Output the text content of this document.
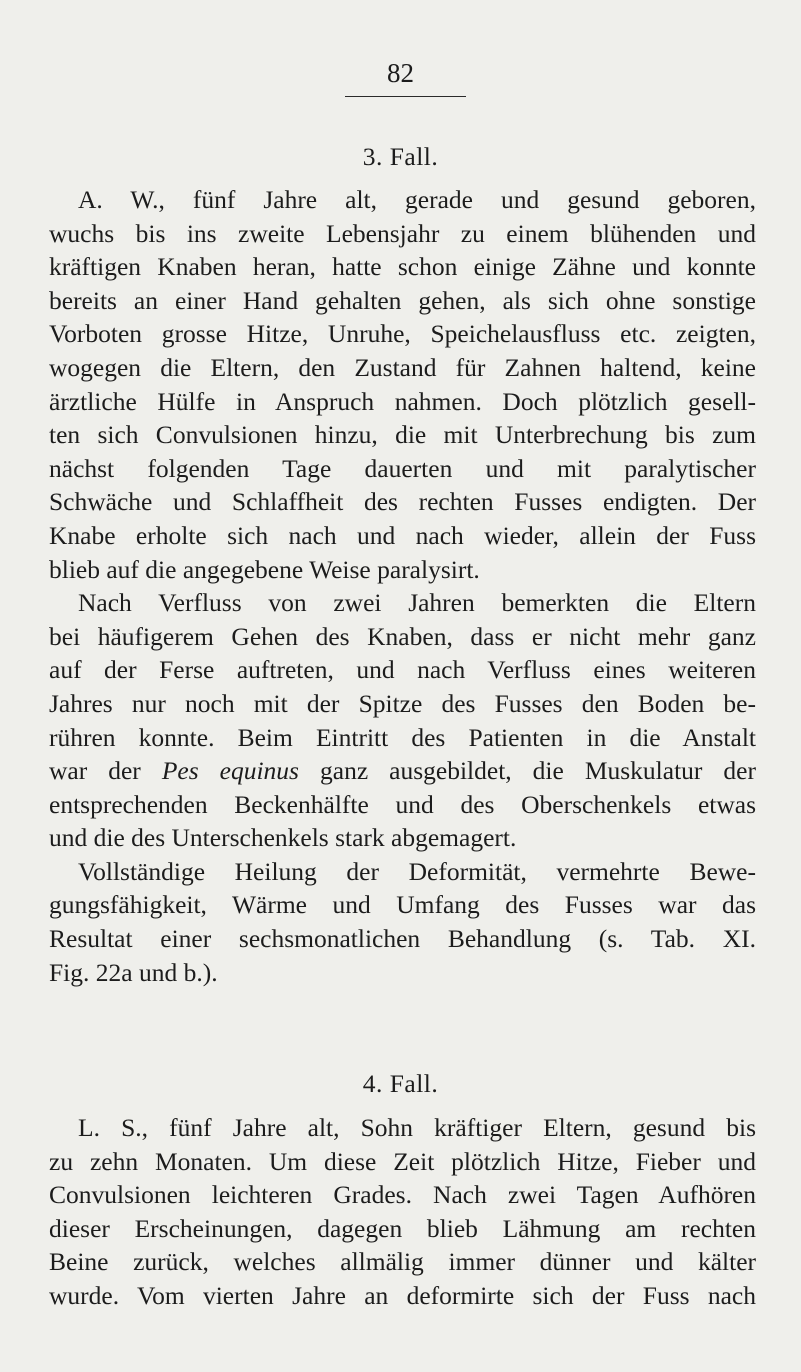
82
3. Fall.
A. W., fünf Jahre alt, gerade und gesund geboren,
wuchs bis ins zweite Lebensjahr zu einem blühenden und
kräftigen Knaben heran, hatte schon einige Zähne und konnte
bereits an einer Hand gehalten gehen, als sich ohne sonstige
Vorboten grosse Hitze, Unruhe, Speichelausfluss etc. zeigten,
wogegen die Eltern, den Zustand für Zahnen haltend, keine
ärztliche Hülfe in Anspruch nahmen. Doch plötzlich gesell-
ten sich Convulsionen hinzu, die mit Unterbrechung bis zum
nächst folgenden Tage dauerten und mit paralytischer
Schwäche und Schlaffheit des rechten Fusses endigten. Der
Knabe erholte sich nach und nach wieder, allein der Fuss
blieb auf die angegebene Weise paralysirt.
Nach Verfluss von zwei Jahren bemerkten die Eltern
bei häufigerem Gehen des Knaben, dass er nicht mehr ganz
auf der Ferse auftreten, und nach Verfluss eines weiteren
Jahres nur noch mit der Spitze des Fusses den Boden be-
rühren konnte. Beim Eintritt des Patienten in die Anstalt
war der Pes equinus ganz ausgebildet, die Muskulatur der
entsprechenden Beckenhälfte und des Oberschenkels etwas
und die des Unterschenkels stark abgemagert.
Vollständige Heilung der Deformität, vermehrte Bewe-
gungsfähigkeit, Wärme und Umfang des Fusses war das
Resultat einer sechsmonatlichen Behandlung (s. Tab. XI.
Fig. 22a und b.).
4. Fall.
L. S., fünf Jahre alt, Sohn kräftiger Eltern, gesund bis
zu zehn Monaten. Um diese Zeit plötzlich Hitze, Fieber und
Convulsionen leichteren Grades. Nach zwei Tagen Aufhören
dieser Erscheinungen, dagegen blieb Lähmung am rechten
Beine zurück, welches allmälig immer dünner und kälter
wurde. Vom vierten Jahre an deformirte sich der Fuss nach
